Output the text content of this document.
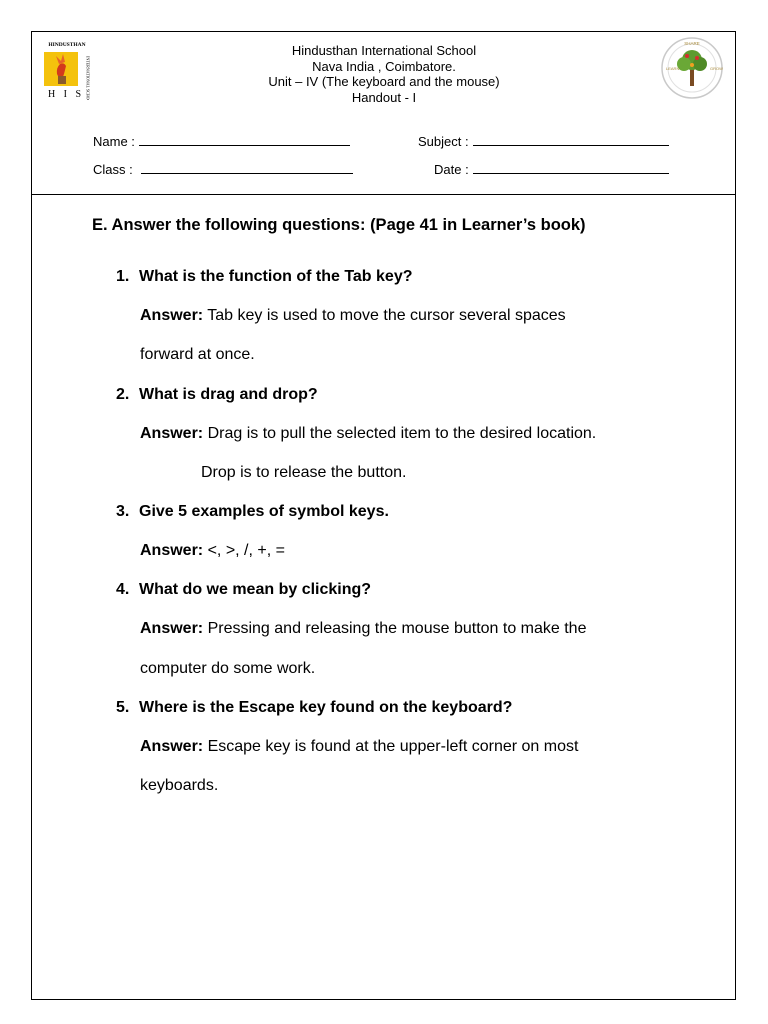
HINDUSTHAN
INTERNATIONAL SCHOOL
H I S
SHARE
LEARN	GROW
Hindusthan International School
Nava India , Coimbatore.
Unit – IV (The keyboard and the mouse)
Handout - I
Name :	Subject :
Class :	Date :
E. Answer the following questions: (Page 41 in Learner’s book)
1. What is the function of the Tab key?
Answer: Tab key is used to move the cursor several spaces
forward at once.
2. What is drag and drop?
Answer: Drag is to pull the selected item to the desired location.
Drop is to release the button.
3. Give 5 examples of symbol keys.
Answer: <, >, /, +, =
4. What do we mean by clicking?
Answer: Pressing and releasing the mouse button to make the
computer do some work.
5. Where is the Escape key found on the keyboard?
Answer: Escape key is found at the upper-left corner on most
keyboards.
